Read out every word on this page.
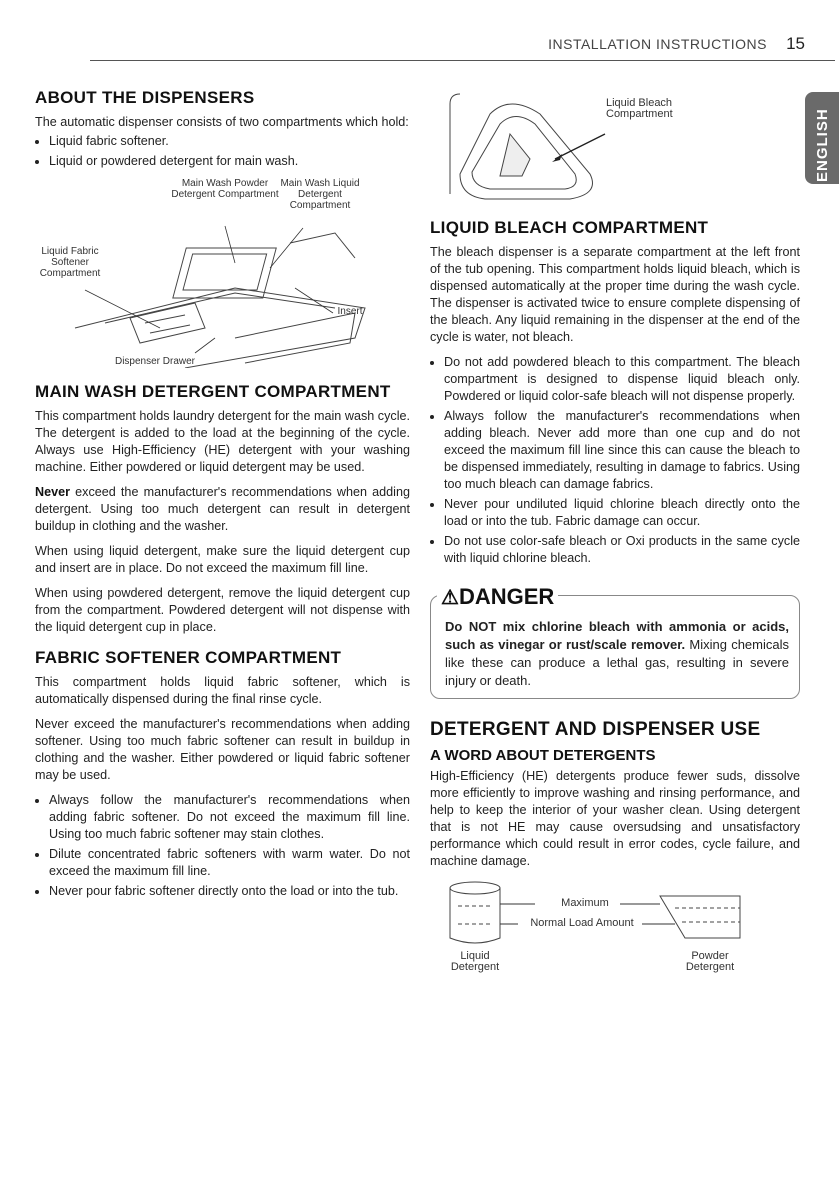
INSTALLATION INSTRUCTIONS 15
ENGLISH
ABOUT THE DISPENSERS

The automatic dispenser consists of two compartments which hold:

• Liquid fabric softener.
• Liquid or powdered detergent for main wash.
Main Wash Powder Detergent Compartment
Main Wash Liquid Detergent Compartment
Liquid Fabric Softener Compartment
Insert
Dispenser Drawer
MAIN WASH DETERGENT COMPARTMENT

This compartment holds laundry detergent for the main wash cycle. The detergent is added to the load at the beginning of the cycle. Always use High-Efficiency (HE) detergent with your washing machine. Either powdered or liquid detergent may be used.

Never exceed the manufacturer's recommendations when adding detergent. Using too much detergent can result in detergent buildup in clothing and the washer.

When using liquid detergent, make sure the liquid detergent cup and insert are in place. Do not exceed the maximum fill line.

When using powdered detergent, remove the liquid detergent cup from the compartment. Powdered detergent will not dispense with the liquid detergent cup in place.

FABRIC SOFTENER COMPARTMENT

This compartment holds liquid fabric softener, which is automatically dispensed during the final rinse cycle.

Never exceed the manufacturer's recommendations when adding softener. Using too much fabric softener can result in buildup in clothing and the washer. Either powdered or liquid fabric softener may be used.

• Always follow the manufacturer's recommendations when adding fabric softener. Do not exceed the maximum fill line. Using too much fabric softener may stain clothes.
• Dilute concentrated fabric softeners with warm water. Do not exceed the maximum fill line.
• Never pour fabric softener directly onto the load or into the tub.
Liquid Bleach Compartment
LIQUID BLEACH COMPARTMENT

The bleach dispenser is a separate compartment at the left front of the tub opening. This compartment holds liquid bleach, which is dispensed automatically at the proper time during the wash cycle. The dispenser is activated twice to ensure complete dispensing of the bleach. Any liquid remaining in the dispenser at the end of the cycle is water, not bleach.

• Do not add powdered bleach to this compartment. The bleach compartment is designed to dispense liquid bleach only. Powdered or liquid color-safe bleach will not dispense properly.
• Always follow the manufacturer's recommendations when adding bleach. Never add more than one cup and do not exceed the maximum fill line since this can cause the bleach to be dispensed immediately, resulting in damage to fabrics. Using too much bleach can damage fabrics.
• Never pour undiluted liquid chlorine bleach directly onto the load or into the tub. Fabric damage can occur.
• Do not use color-safe bleach or Oxi products in the same cycle with liquid chlorine bleach.
⚠DANGER

Do NOT mix chlorine bleach with ammonia or acids, such as vinegar or rust/scale remover. Mixing chemicals like these can produce a lethal gas, resulting in severe injury or death.

DETERGENT AND DISPENSER USE
A WORD ABOUT DETERGENTS

High-Efficiency (HE) detergents produce fewer suds, dissolve more efficiently to improve washing and rinsing performance, and help to keep the interior of your washer clean. Using detergent that is not HE may cause oversudsing and unsatisfactory performance which could result in error codes, cycle failure, and machine damage.

Maximum
Normal Load Amount
Liquid Detergent
Powder Detergent
